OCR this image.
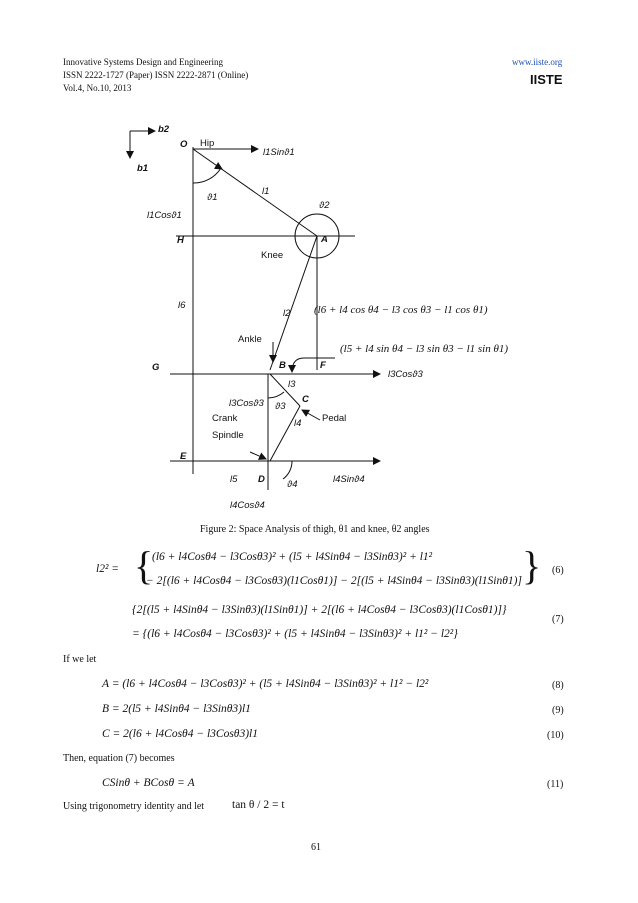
Innovative Systems Design and Engineering
ISSN 2222-1727 (Paper) ISSN 2222-2871 (Online)
Vol.4, No.10, 2013
www.iiste.org
IISTE
b2
b1
O Hip
l1Sinϑ1
ϑ1
l1
ϑ2
l1Cosϑ1
H	A
Knee
l6
l2 (l6 + l4 cos θ4 − l3 cos θ3 − l1 cos θ1)
Ankle
(l5 + l4 sin θ4 − l3 sin θ3 − l1 sin θ1)
G	B	F
l3Cosϑ3
l3
l3Cosϑ3 ϑ3
C
Crank	l4 Pedal
E
Spindle
l5 D ϑ4	l4Sinϑ4
l4Cosϑ4
Figure 2: Space Analysis of thigh, θ1 and knee, θ2 angles
l2² = {
(l6 + l4Cosθ4 − l3Cosθ3)² + (l5 + l4Sinθ4 − l3Sinθ3)² + l1²
− 2[(l6 + l4Cosθ4 − l3Cosθ3)(l1Cosθ1)] − 2[(l5 + l4Sinθ4 − l3Sinθ3)(l1Sinθ1)] } (6)
{2[(l5 + l4Sinθ4 − l3Sinθ3)(l1Sinθ1)] + 2[(l6 + l4Cosθ4 − l3Cosθ3)(l1Cosθ1)]}
= {(l6 + l4Cosθ4 − l3Cosθ3)² + (l5 + l4Sinθ4 − l3Sinθ3)² + l1² − l2²}
(7)
If we let
A = (l6 + l4Cosθ4 − l3Cosθ3)² + (l5 + l4Sinθ4 − l3Sinθ3)² + l1² − l2²	(8)
B = 2(l5 + l4Sinθ4 − l3Sinθ3)l1	(9)
C = 2(l6 + l4Cosθ4 − l3Cosθ3)l1	(10)
Then, equation (7) becomes
CSinθ + BCosθ = A	(11)
Using trigonometry identity and let tan θ / 2 = t
61
